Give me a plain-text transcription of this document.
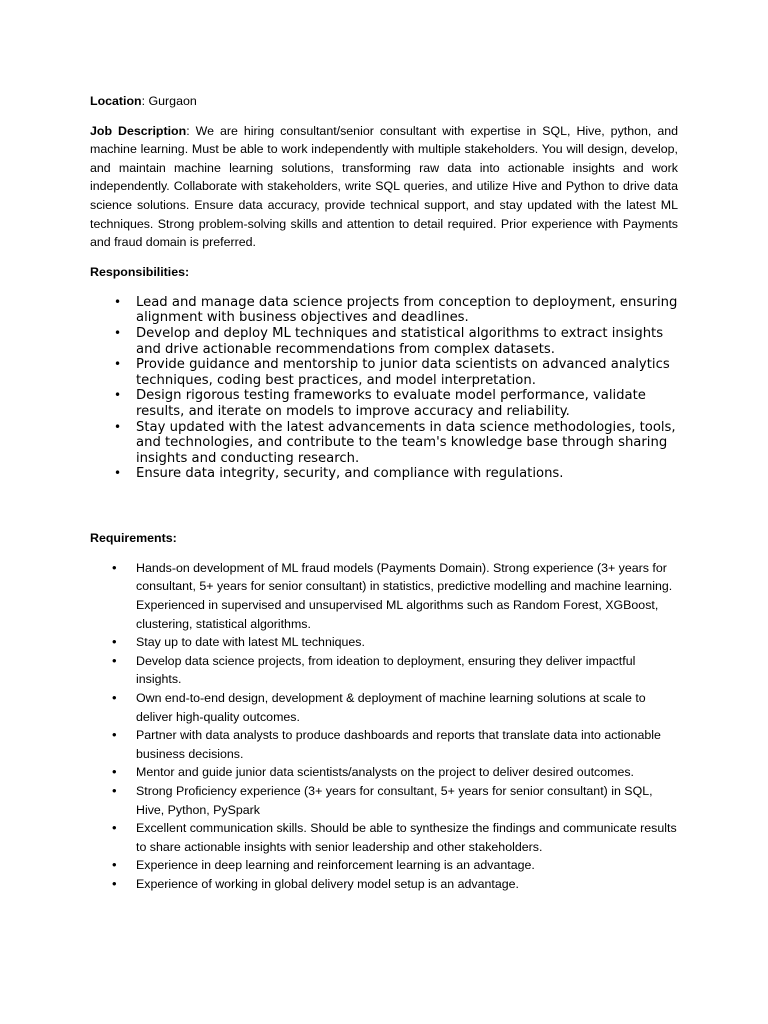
Location: Gurgaon

Job Description: We are hiring consultant/senior consultant with expertise in SQL, Hive, python, and machine learning. Must be able to work independently with multiple stakeholders. You will design, develop, and maintain machine learning solutions, transforming raw data into actionable insights and work independently. Collaborate with stakeholders, write SQL queries, and utilize Hive and Python to drive data science solutions. Ensure data accuracy, provide technical support, and stay updated with the latest ML techniques. Strong problem-solving skills and attention to detail required. Prior experience with Payments and fraud domain is preferred.

Responsibilities:

• Lead and manage data science projects from conception to deployment, ensuring alignment with business objectives and deadlines.
• Develop and deploy ML techniques and statistical algorithms to extract insights and drive actionable recommendations from complex datasets.
• Provide guidance and mentorship to junior data scientists on advanced analytics techniques, coding best practices, and model interpretation.
• Design rigorous testing frameworks to evaluate model performance, validate results, and iterate on models to improve accuracy and reliability.
• Stay updated with the latest advancements in data science methodologies, tools, and technologies, and contribute to the team's knowledge base through sharing insights and conducting research.
• Ensure data integrity, security, and compliance with regulations.

Requirements:

• Hands-on development of ML fraud models (Payments Domain). Strong experience (3+ years for consultant, 5+ years for senior consultant) in statistics, predictive modelling and machine learning. Experienced in supervised and unsupervised ML algorithms such as Random Forest, XGBoost, clustering, statistical algorithms.
• Stay up to date with latest ML techniques.
• Develop data science projects, from ideation to deployment, ensuring they deliver impactful insights.
• Own end-to-end design, development & deployment of machine learning solutions at scale to deliver high-quality outcomes.
• Partner with data analysts to produce dashboards and reports that translate data into actionable business decisions.
• Mentor and guide junior data scientists/analysts on the project to deliver desired outcomes.
• Strong Proficiency experience (3+ years for consultant, 5+ years for senior consultant) in SQL, Hive, Python, PySpark
• Excellent communication skills. Should be able to synthesize the findings and communicate results to share actionable insights with senior leadership and other stakeholders.
• Experience in deep learning and reinforcement learning is an advantage.
• Experience of working in global delivery model setup is an advantage.
